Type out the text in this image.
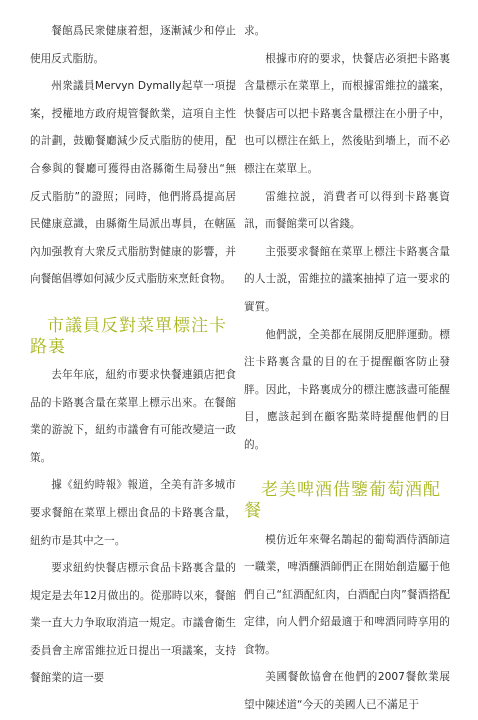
餐館爲民衆健康着想，逐漸減少和停止使用反式脂肪。

州衆議員Mervyn Dymally起草一項提案，授權地方政府規管餐飲業，這項自主性的計劃，鼓勵餐廳減少反式脂肪的使用，配合參與的餐廳可獲得由洛縣衛生局發出“無反式脂肪”的證照；同時，他們將爲提高居民健康意識，由縣衛生局派出專員，在轄區內加强教育大衆反式脂肪對健康的影響，并向餐館倡導如何減少反式脂肪來烹飪食物。

市議員反對菜單標注卡路裏

去年年底，紐約市要求快餐連鎖店把食品的卡路裏含量在菜單上標示出來。在餐館業的游說下，紐約市議會有可能改變這一政策。

據《紐約時報》報道，全美有許多城市要求餐館在菜單上標出食品的卡路裏含量，紐約市是其中之一。

要求紐約快餐店標示食品卡路裏含量的規定是去年12月做出的。從那時以來，餐館業一直大力争取取消這一規定。市議會衛生委員會主席雷維拉近日提出一項議案，支持餐館業的這一要

求。

根據市府的要求，快餐店必須把卡路裏含量標示在菜單上，而根據雷維拉的議案，快餐店可以把卡路裏含量標注在小册子中，也可以標注在紙上，然後貼到墻上，而不必標注在菜單上。

雷維拉説，消費者可以得到卡路裏資訊，而餐館業可以省錢。

主張要求餐館在菜單上標注卡路裏含量的人士説，雷維拉的議案抽掉了這一要求的實質。

他們説，全美都在展開反肥胖運動。標注卡路裏含量的目的在于提醒顧客防止發胖。因此，卡路裏成分的標注應該盡可能醒目，應該起到在顧客點菜時提醒他們的目的。

老美啤酒借鑒葡萄酒配餐

模仿近年來聲名鵲起的葡萄酒侍酒師這一職業，啤酒釀酒師們正在開始創造屬于他們自己“紅酒配紅肉，白酒配白肉”餐酒搭配定律，向人們介紹最適于和啤酒同時享用的食物。

美國餐飲協會在他們的2007餐飲業展望中陳述道“今天的美國人已不滿足于
